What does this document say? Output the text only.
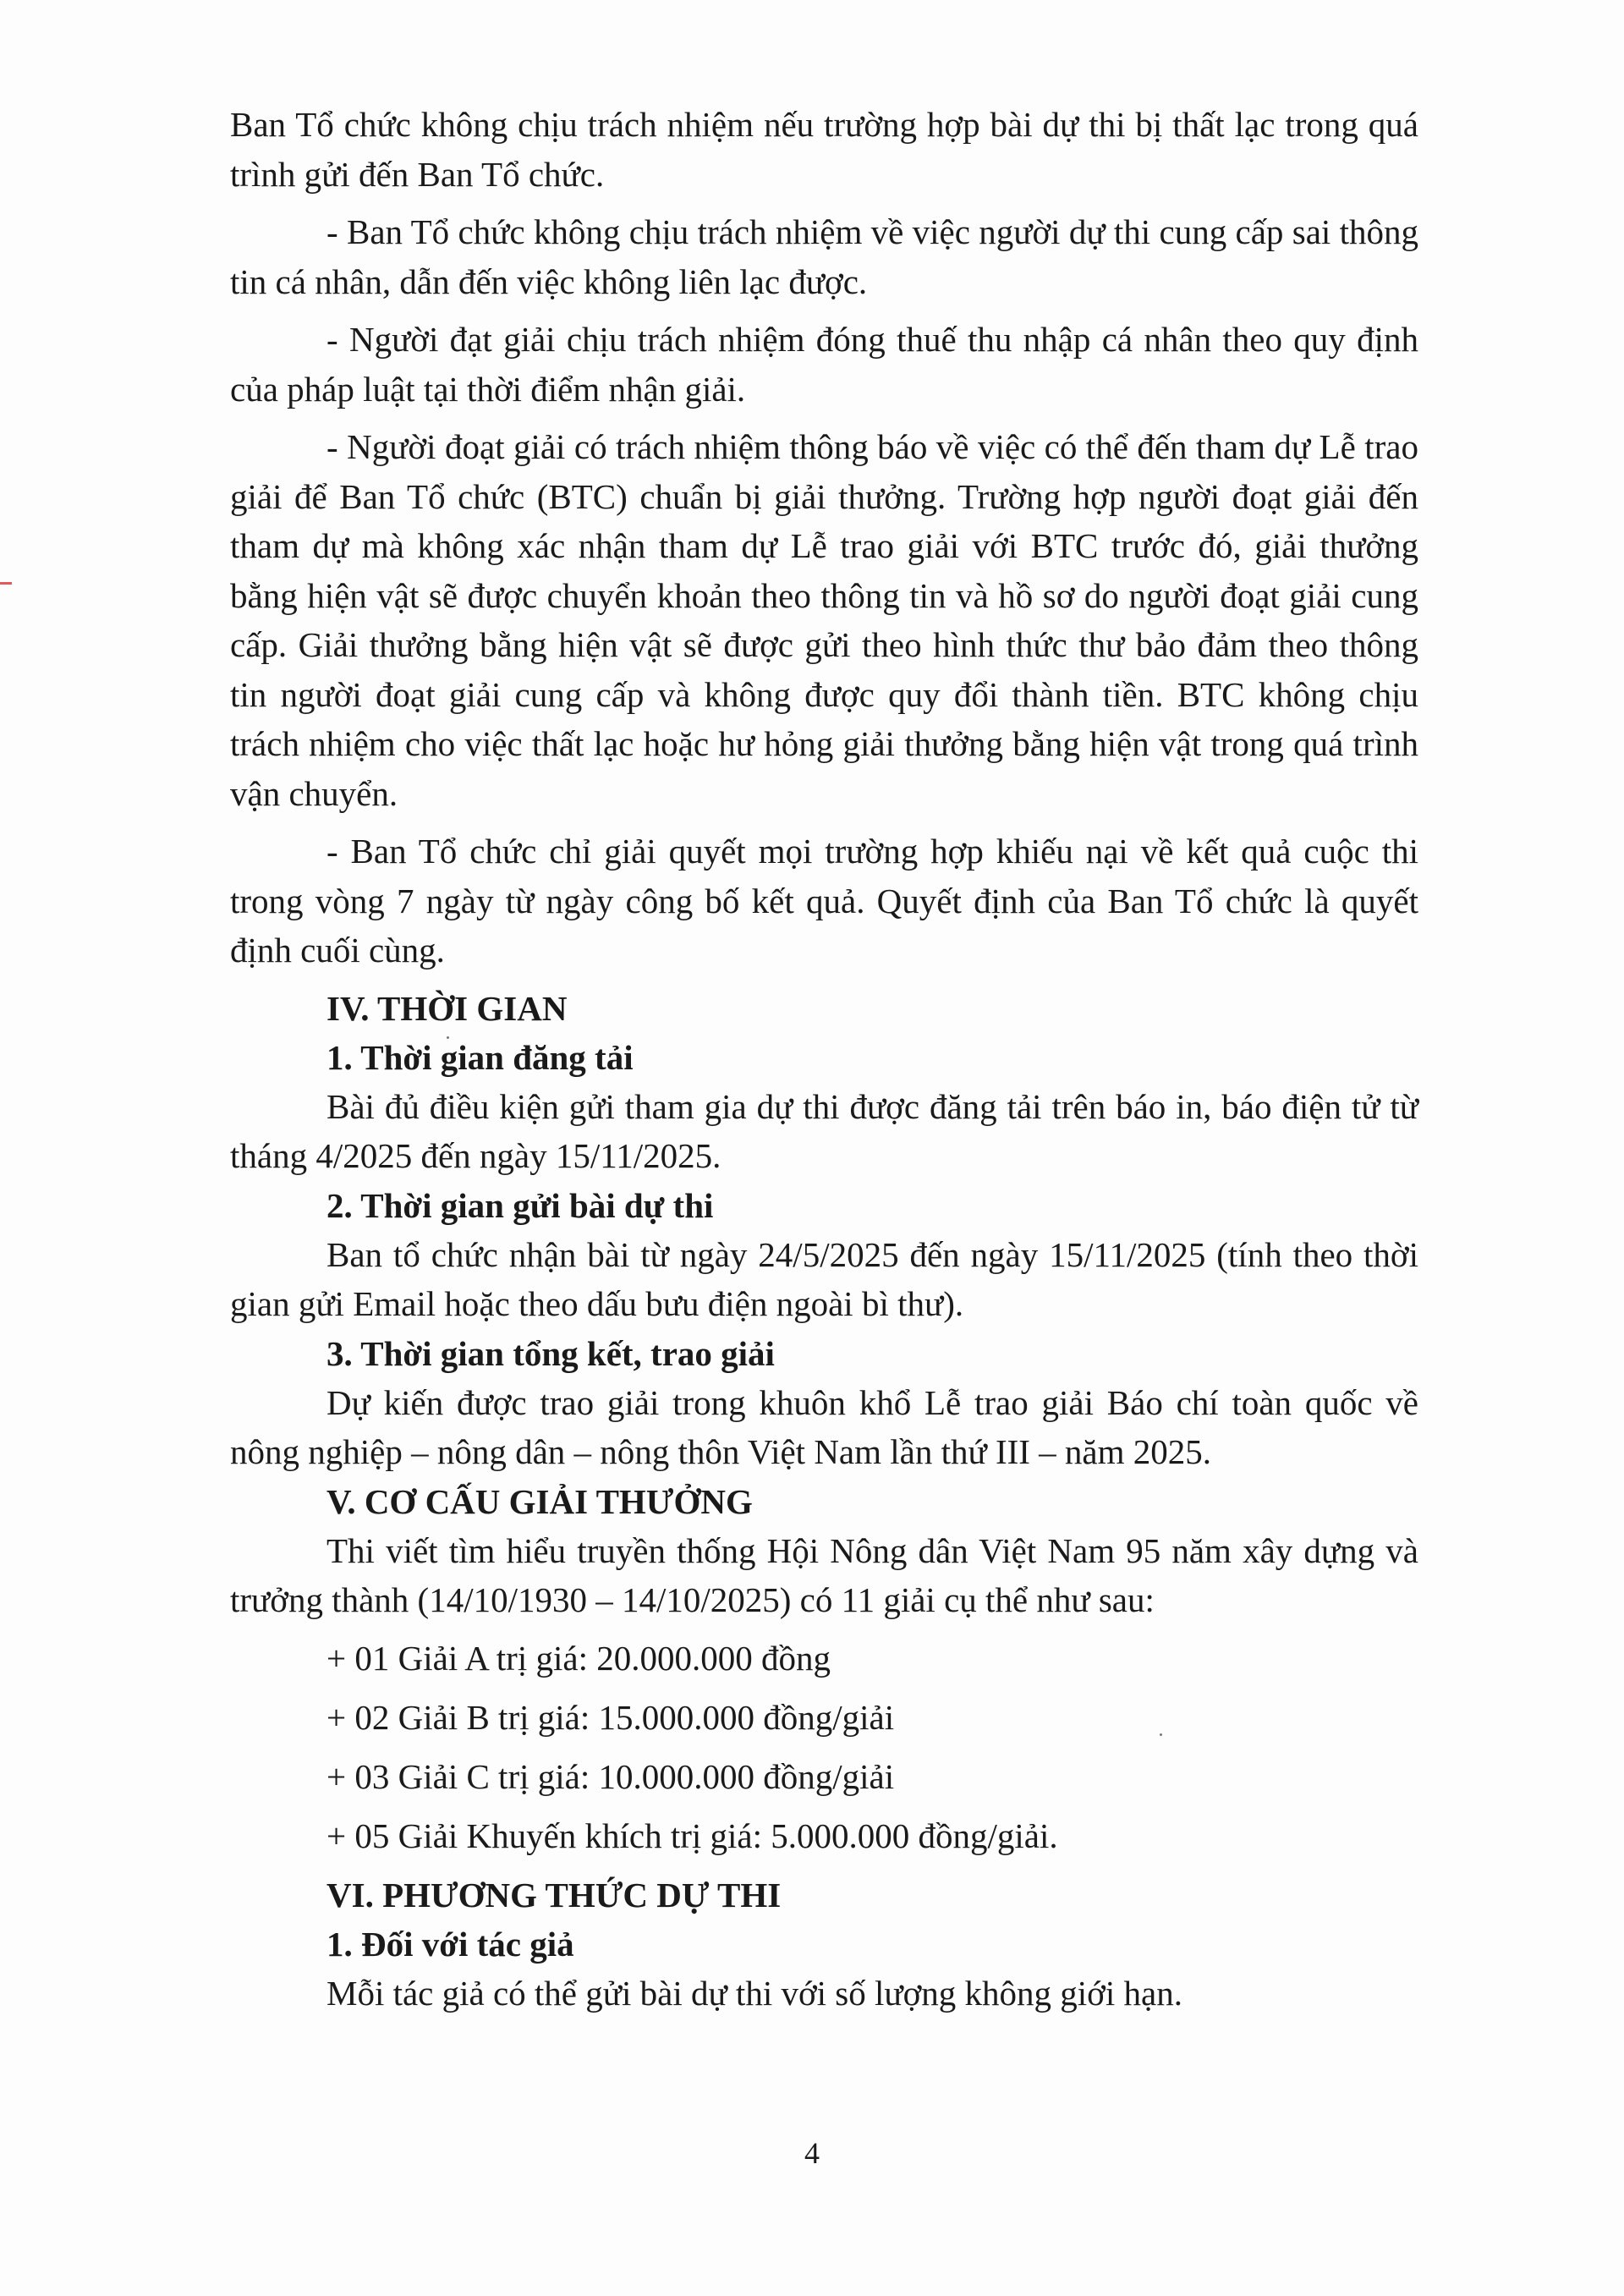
Ban Tổ chức không chịu trách nhiệm nếu trường hợp bài dự thi bị thất lạc trong quá trình gửi đến Ban Tổ chức.

- Ban Tổ chức không chịu trách nhiệm về việc người dự thi cung cấp sai thông tin cá nhân, dẫn đến việc không liên lạc được.

- Người đạt giải chịu trách nhiệm đóng thuế thu nhập cá nhân theo quy định của pháp luật tại thời điểm nhận giải.

- Người đoạt giải có trách nhiệm thông báo về việc có thể đến tham dự Lễ trao giải để Ban Tổ chức (BTC) chuẩn bị giải thưởng. Trường hợp người đoạt giải đến tham dự mà không xác nhận tham dự Lễ trao giải với BTC trước đó, giải thưởng bằng hiện vật sẽ được chuyển khoản theo thông tin và hồ sơ do người đoạt giải cung cấp. Giải thưởng bằng hiện vật sẽ được gửi theo hình thức thư bảo đảm theo thông tin người đoạt giải cung cấp và không được quy đổi thành tiền. BTC không chịu trách nhiệm cho việc thất lạc hoặc hư hỏng giải thưởng bằng hiện vật trong quá trình vận chuyển.

- Ban Tổ chức chỉ giải quyết mọi trường hợp khiếu nại về kết quả cuộc thi trong vòng 7 ngày từ ngày công bố kết quả. Quyết định của Ban Tổ chức là quyết định cuối cùng.

IV. THỜI GIAN
1. Thời gian đăng tải

Bài đủ điều kiện gửi tham gia dự thi được đăng tải trên báo in, báo điện tử từ tháng 4/2025 đến ngày 15/11/2025.

2. Thời gian gửi bài dự thi

Ban tổ chức nhận bài từ ngày 24/5/2025 đến ngày 15/11/2025 (tính theo thời gian gửi Email hoặc theo dấu bưu điện ngoài bì thư).

3. Thời gian tổng kết, trao giải

Dự kiến được trao giải trong khuôn khổ Lễ trao giải Báo chí toàn quốc về nông nghiệp – nông dân – nông thôn Việt Nam lần thứ III – năm 2025.

V. CƠ CẤU GIẢI THƯỞNG

Thi viết tìm hiểu truyền thống Hội Nông dân Việt Nam 95 năm xây dựng và trưởng thành (14/10/1930 – 14/10/2025) có 11 giải cụ thể như sau:

+ 01 Giải A trị giá: 20.000.000 đồng
+ 02 Giải B trị giá: 15.000.000 đồng/giải
+ 03 Giải C trị giá: 10.000.000 đồng/giải
+ 05 Giải Khuyến khích trị giá: 5.000.000 đồng/giải.
VI. PHƯƠNG THỨC DỰ THI
1. Đối với tác giả

Mỗi tác giả có thể gửi bài dự thi với số lượng không giới hạn.

4
